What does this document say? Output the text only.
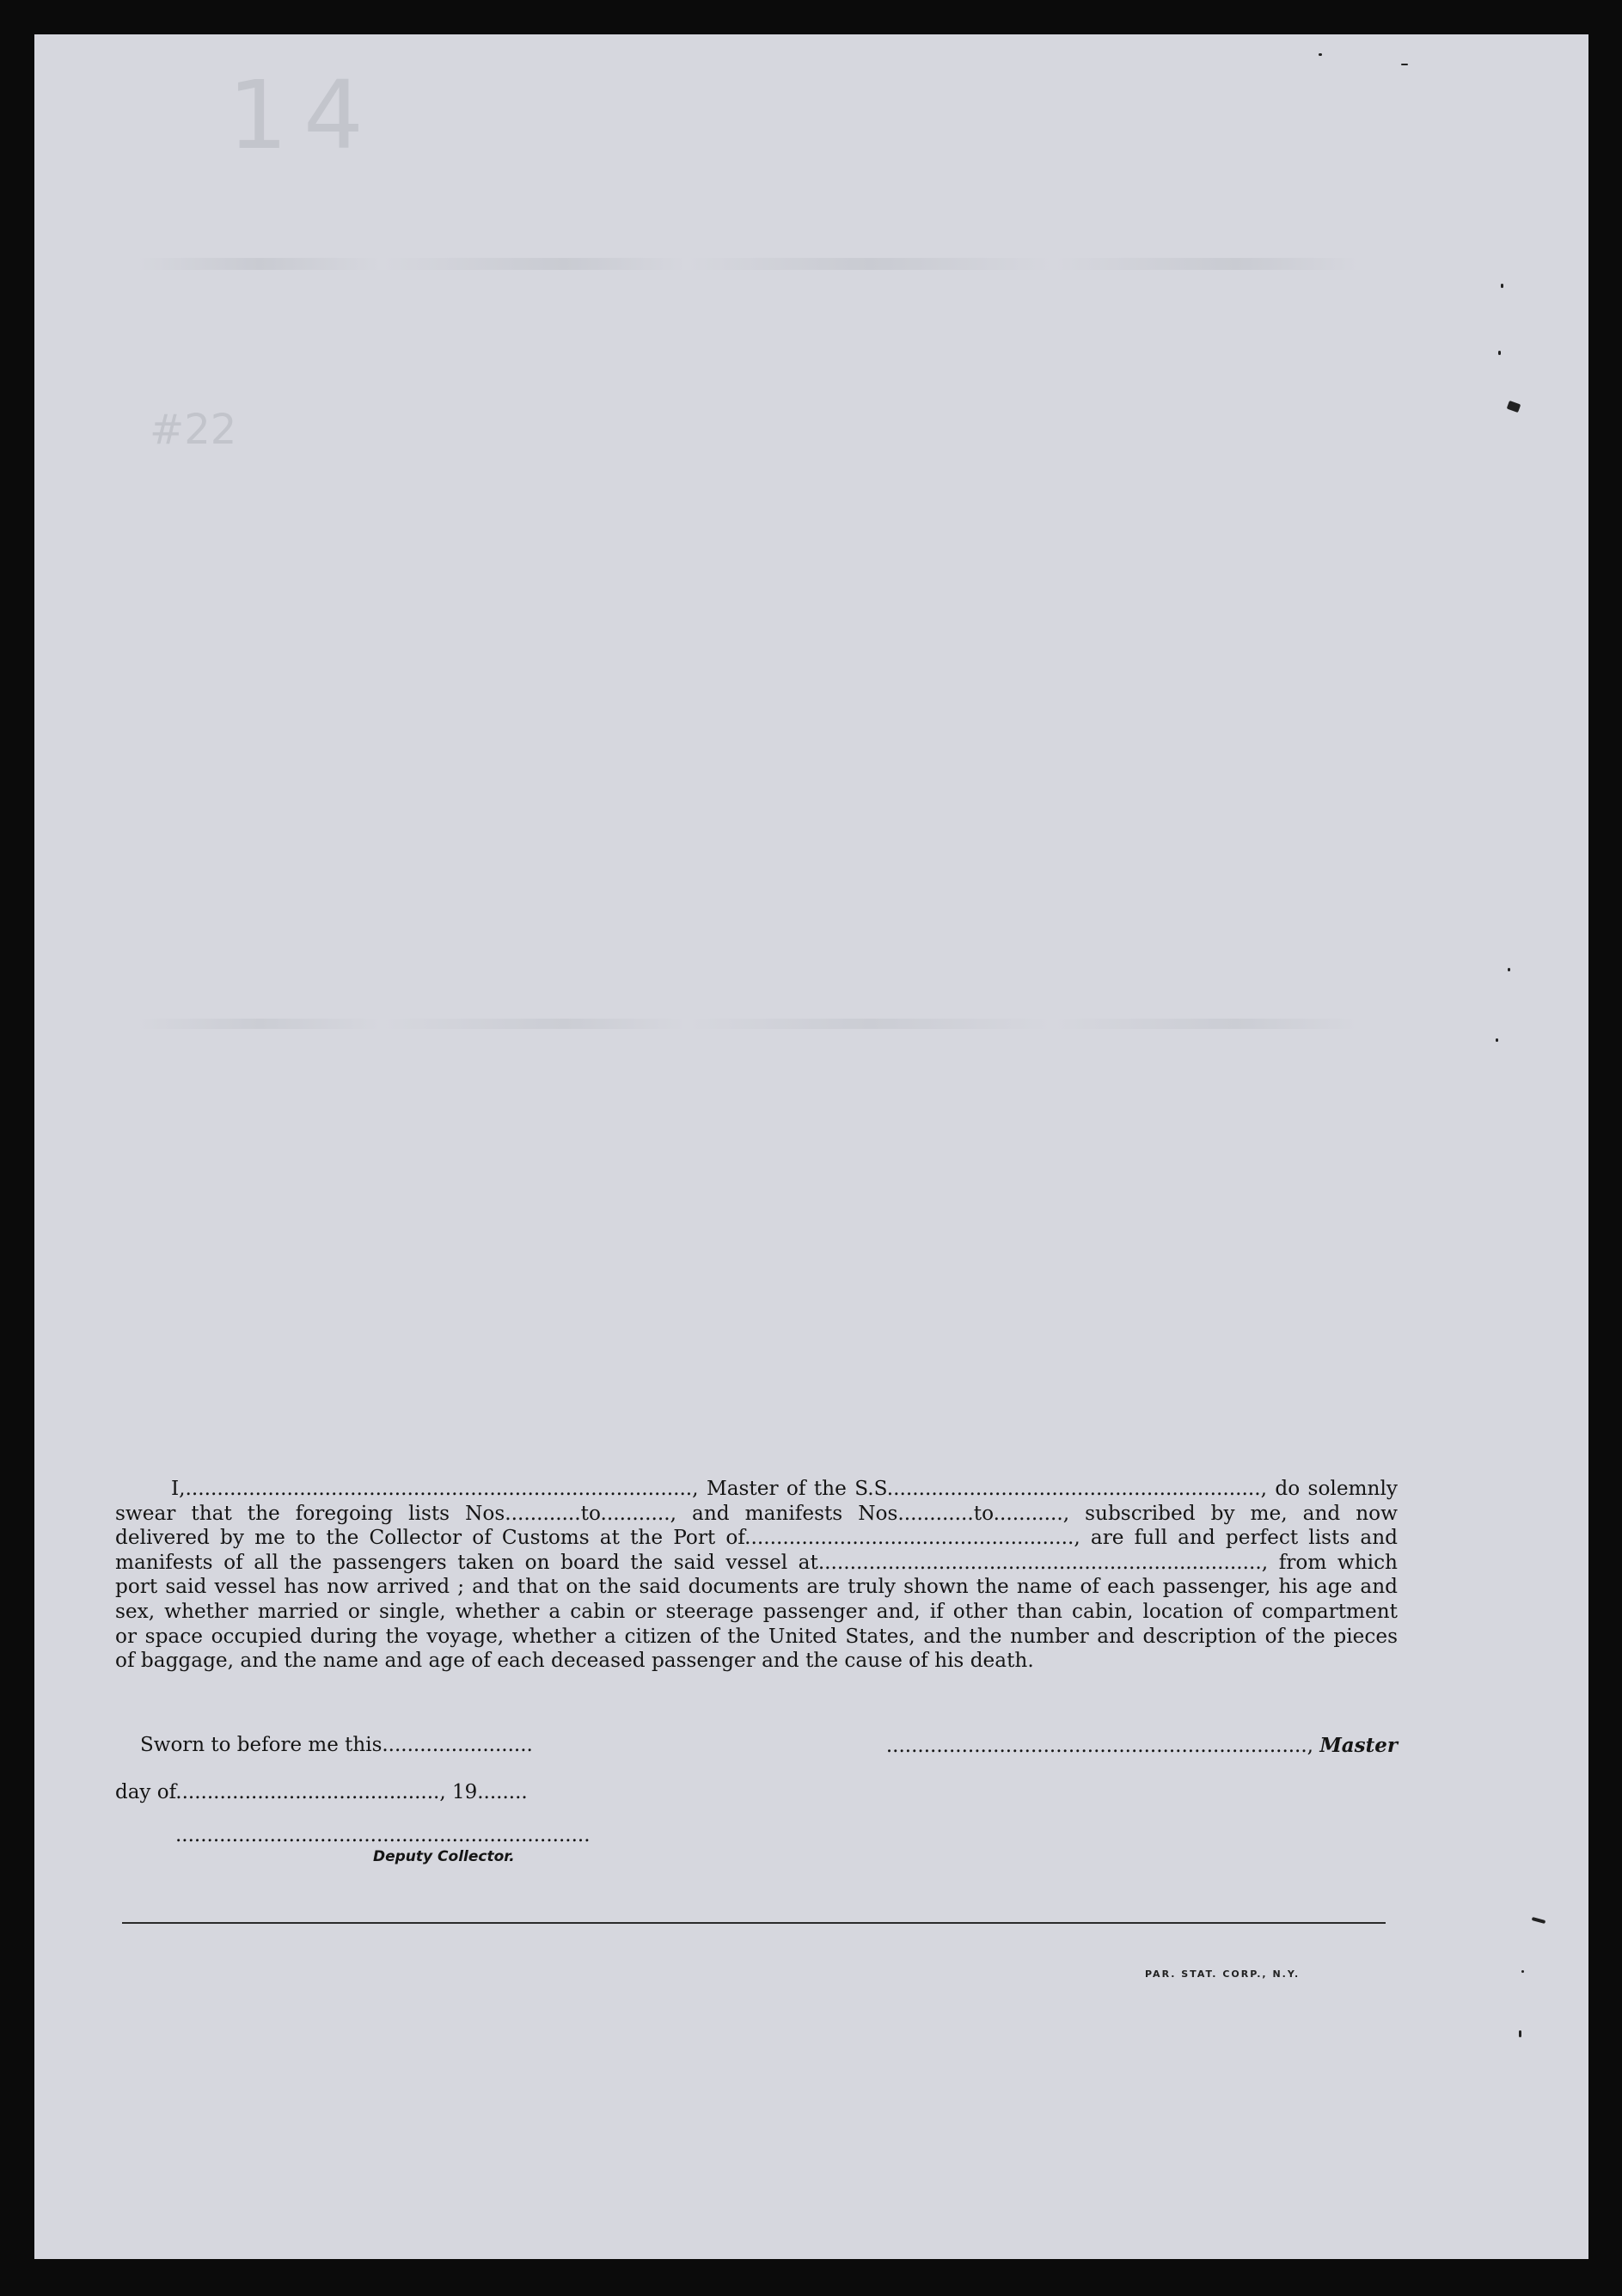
14
#22
I,................................................................................, Master of the S.S..........................................................., do solemnly
swear that the foregoing lists Nos............to..........., and manifests Nos............to..........., subscribed by me, and now
delivered by me to the Collector of Customs at the Port of...................................................., are full and perfect lists and
manifests of all the passengers taken on board the said vessel at......................................................................, from which
port said vessel has now arrived ; and that on the said documents are truly shown the name of each passenger, his age and
sex, whether married or single, whether a cabin or steerage passenger and, if other than cabin, location of compartment
or space occupied during the voyage, whether a citizen of the United States, and the number and description of the pieces
of baggage, and the name and age of each deceased passenger and the cause of his death.
Sworn to before me this........................	..................................................................., Master
day of.........................................., 19........
..................................................................
Deputy Collector.
PAR. STAT. CORP., N.Y.
